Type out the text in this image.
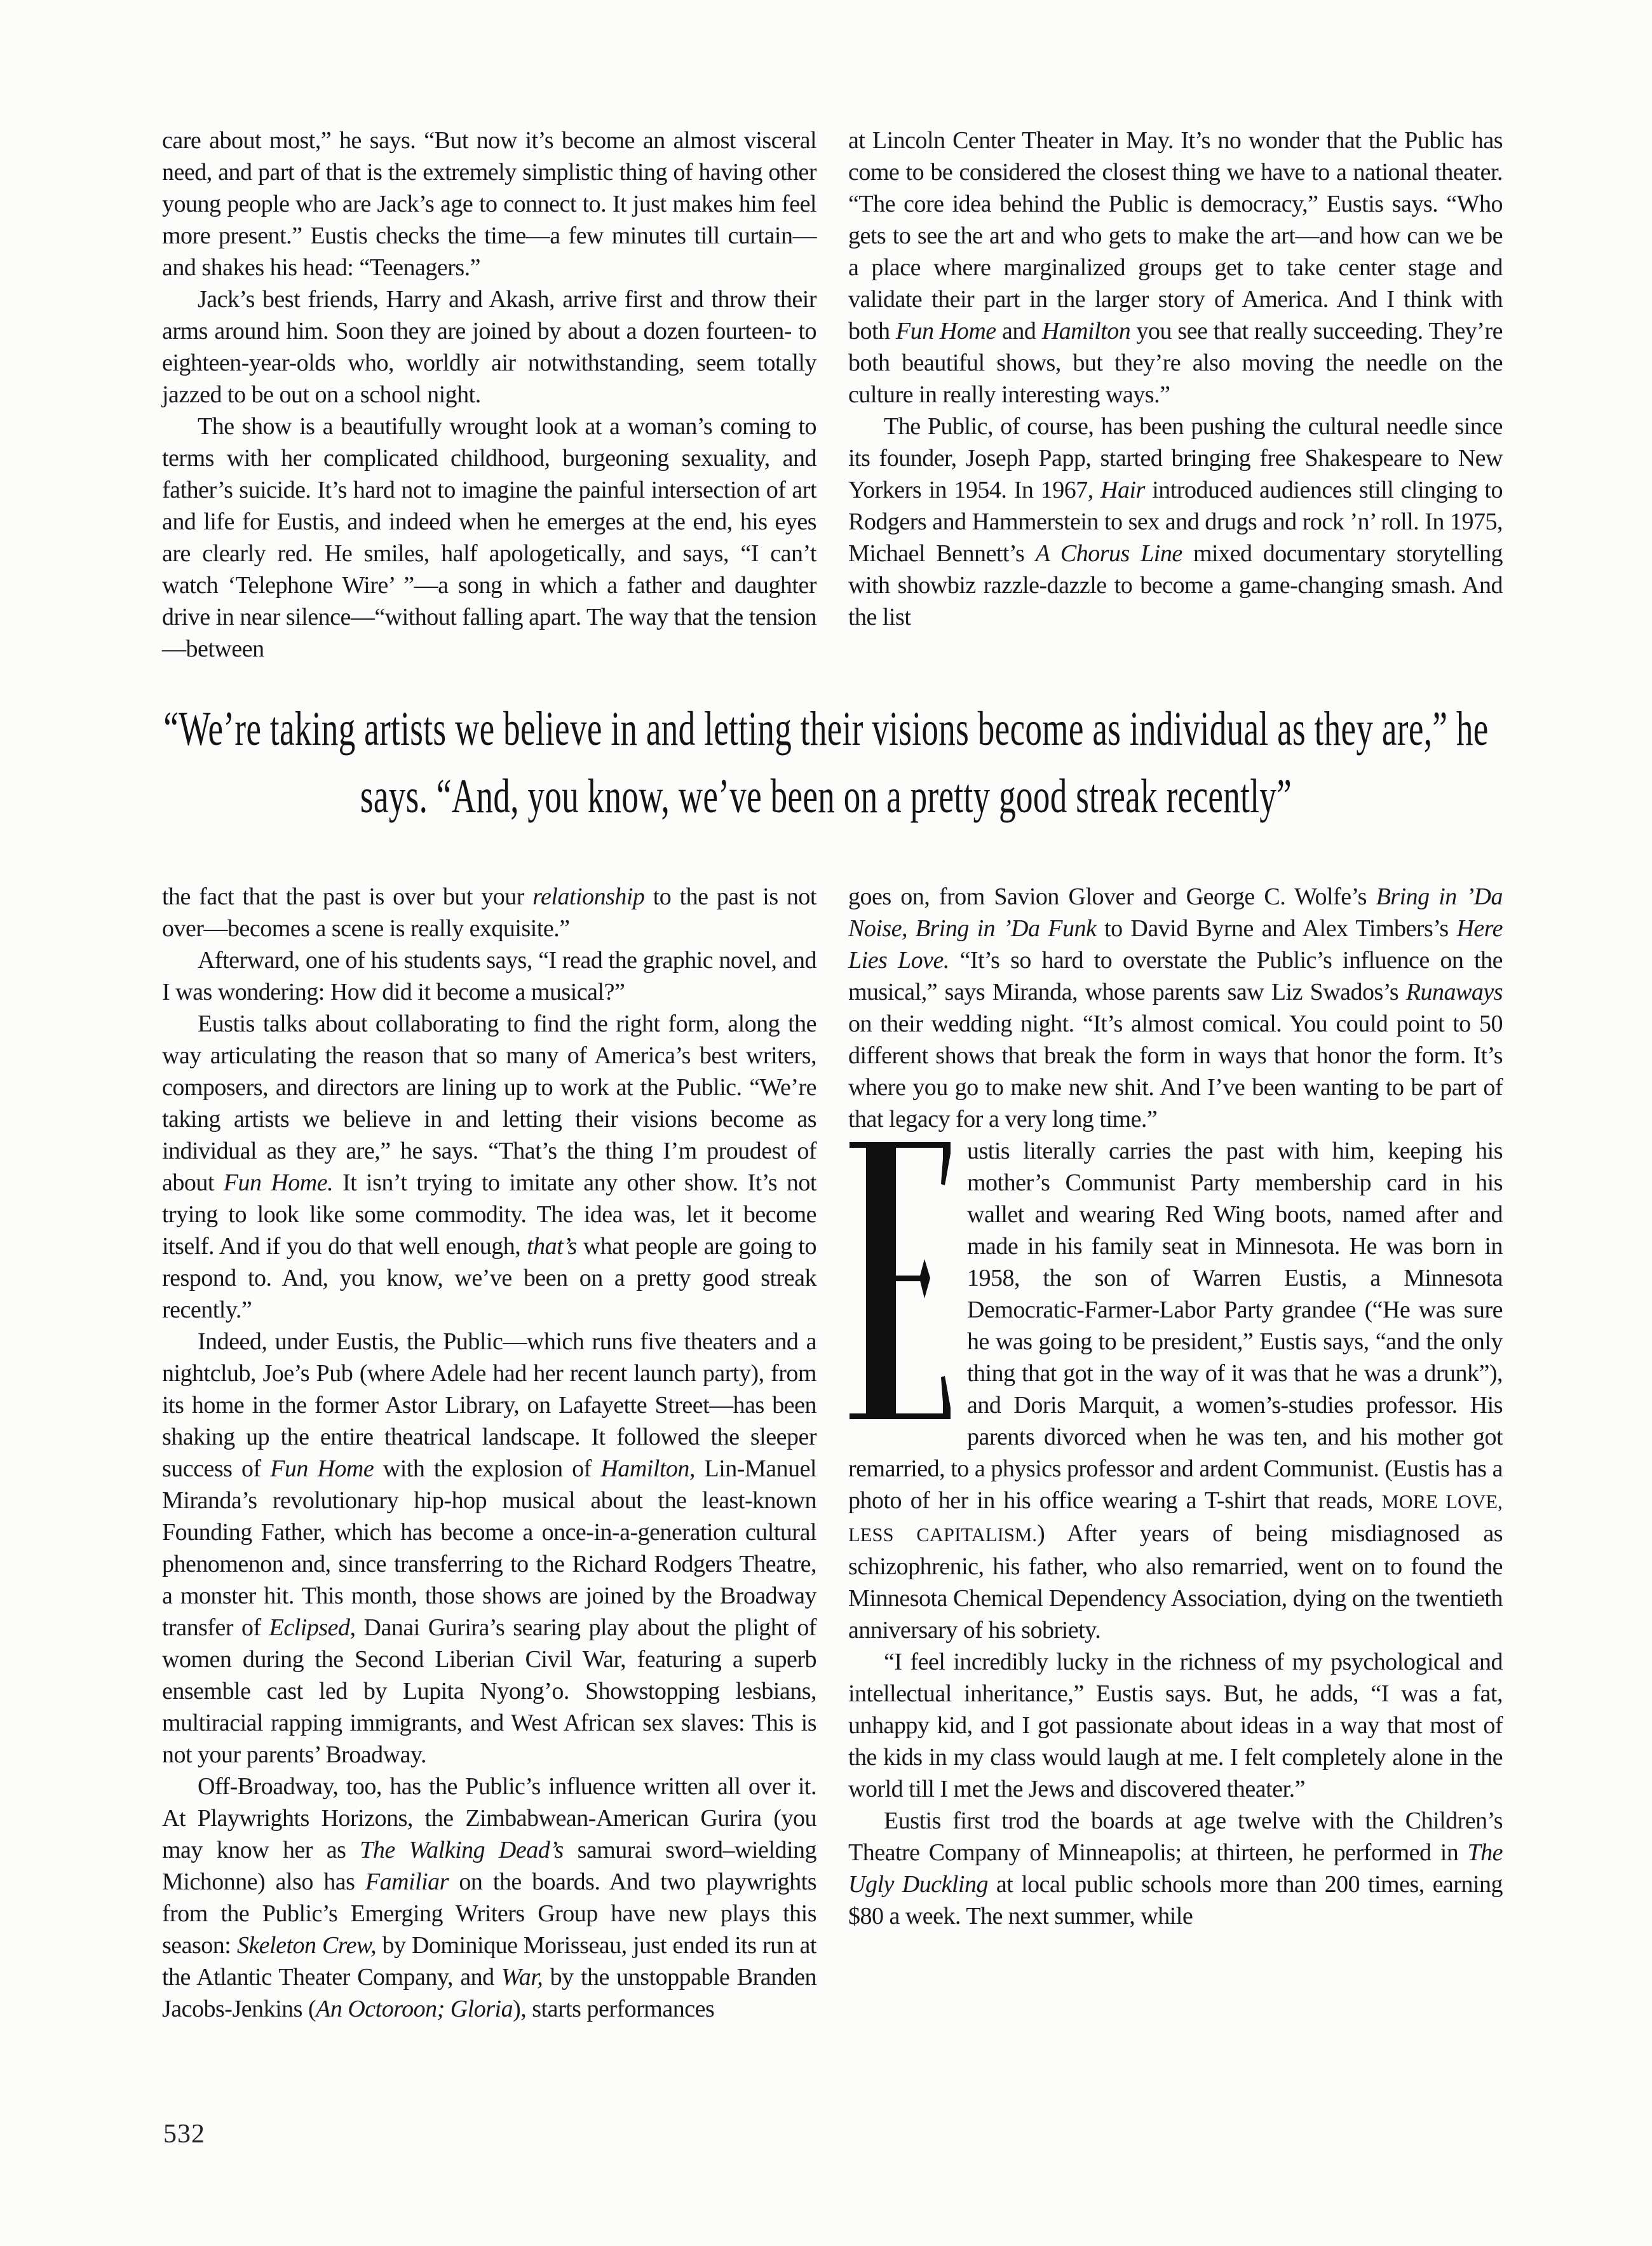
care about most,” he says. “But now it’s become an almost visceral need, and part of that is the extremely simplistic thing of having other young people who are Jack’s age to connect to. It just makes him feel more present.” Eustis checks the time—a few minutes till curtain—and shakes his head: “Teenagers.”

Jack’s best friends, Harry and Akash, arrive first and throw their arms around him. Soon they are joined by about a dozen fourteen- to eighteen-year-olds who, worldly air notwithstanding, seem totally jazzed to be out on a school night.

The show is a beautifully wrought look at a woman’s coming to terms with her complicated childhood, burgeoning sexuality, and father’s suicide. It’s hard not to imagine the painful intersection of art and life for Eustis, and indeed when he emerges at the end, his eyes are clearly red. He smiles, half apologetically, and says, “I can’t watch ‘Telephone Wire’ ”—a song in which a father and daughter drive in near silence—“without falling apart. The way that the tension—between

at Lincoln Center Theater in May. It’s no wonder that the Public has come to be considered the closest thing we have to a national theater. “The core idea behind the Public is democracy,” Eustis says. “Who gets to see the art and who gets to make the art—and how can we be a place where marginalized groups get to take center stage and validate their part in the larger story of America. And I think with both Fun Home and Hamilton you see that really succeeding. They’re both beautiful shows, but they’re also moving the needle on the culture in really interesting ways.”

The Public, of course, has been pushing the cultural needle since its founder, Joseph Papp, started bringing free Shakespeare to New Yorkers in 1954. In 1967, Hair introduced audiences still clinging to Rodgers and Hammerstein to sex and drugs and rock ’n’ roll. In 1975, Michael Bennett’s A Chorus Line mixed documentary storytelling with showbiz razzle-dazzle to become a game-changing smash. And the list

“We’re taking artists we believe in and letting their visions become as individual as they are,” he says. “And, you know, we’ve been on a pretty good streak recently”

the fact that the past is over but your relationship to the past is not over—becomes a scene is really exquisite.”

Afterward, one of his students says, “I read the graphic novel, and I was wondering: How did it become a musical?”

Eustis talks about collaborating to find the right form, along the way articulating the reason that so many of America’s best writers, composers, and directors are lining up to work at the Public. “We’re taking artists we believe in and letting their visions become as individual as they are,” he says. “That’s the thing I’m proudest of about Fun Home. It isn’t trying to imitate any other show. It’s not trying to look like some commodity. The idea was, let it become itself. And if you do that well enough, that’s what people are going to respond to. And, you know, we’ve been on a pretty good streak recently.”

Indeed, under Eustis, the Public—which runs five theaters and a nightclub, Joe’s Pub (where Adele had her recent launch party), from its home in the former Astor Library, on Lafayette Street—has been shaking up the entire theatrical landscape. It followed the sleeper success of Fun Home with the explosion of Hamilton, Lin-Manuel Miranda’s revolutionary hip-hop musical about the least-known Founding Father, which has become a once-in-a-generation cultural phenomenon and, since transferring to the Richard Rodgers Theatre, a monster hit. This month, those shows are joined by the Broadway transfer of Eclipsed, Danai Gurira’s searing play about the plight of women during the Second Liberian Civil War, featuring a superb ensemble cast led by Lupita Nyong’o. Showstopping lesbians, multiracial rapping immigrants, and West African sex slaves: This is not your parents’ Broadway.

Off-Broadway, too, has the Public’s influence written all over it. At Playwrights Horizons, the Zimbabwean-American Gurira (you may know her as The Walking Dead’s samurai sword–wielding Michonne) also has Familiar on the boards. And two playwrights from the Public’s Emerging Writers Group have new plays this season: Skeleton Crew, by Dominique Morisseau, just ended its run at the Atlantic Theater Company, and War, by the unstoppable Branden Jacobs-Jenkins (An Octoroon; Gloria), starts performances

goes on, from Savion Glover and George C. Wolfe’s Bring in ’Da Noise, Bring in ’Da Funk to David Byrne and Alex Timbers’s Here Lies Love. “It’s so hard to overstate the Public’s influence on the musical,” says Miranda, whose parents saw Liz Swados’s Runaways on their wedding night. “It’s almost comical. You could point to 50 different shows that break the form in ways that honor the form. It’s where you go to make new shit. And I’ve been wanting to be part of that legacy for a very long time.”

ustis literally carries the past with him, keeping his mother’s Communist Party membership card in his wallet and wearing Red Wing boots, named after and made in his family seat in Minnesota. He was born in 1958, the son of Warren Eustis, a Minnesota Democratic-Farmer-Labor Party grandee (“He was sure he was going to be president,” Eustis says, “and the only thing that got in the way of it was that he was a drunk”), and Doris Marquit, a women’s-studies professor. His parents divorced when he was ten, and his mother got remarried, to a physics professor and ardent Communist. (Eustis has a photo of her in his office wearing a T-shirt that reads, MORE LOVE, LESS CAPITALISM.) After years of being misdiagnosed as schizophrenic, his father, who also remarried, went on to found the Minnesota Chemical Dependency Association, dying on the twentieth anniversary of his sobriety.

“I feel incredibly lucky in the richness of my psychological and intellectual inheritance,” Eustis says. But, he adds, “I was a fat, unhappy kid, and I got passionate about ideas in a way that most of the kids in my class would laugh at me. I felt completely alone in the world till I met the Jews and discovered theater.”

Eustis first trod the boards at age twelve with the Children’s Theatre Company of Minneapolis; at thirteen, he performed in The Ugly Duckling at local public schools more than 200 times, earning $80 a week. The next summer, while

532
